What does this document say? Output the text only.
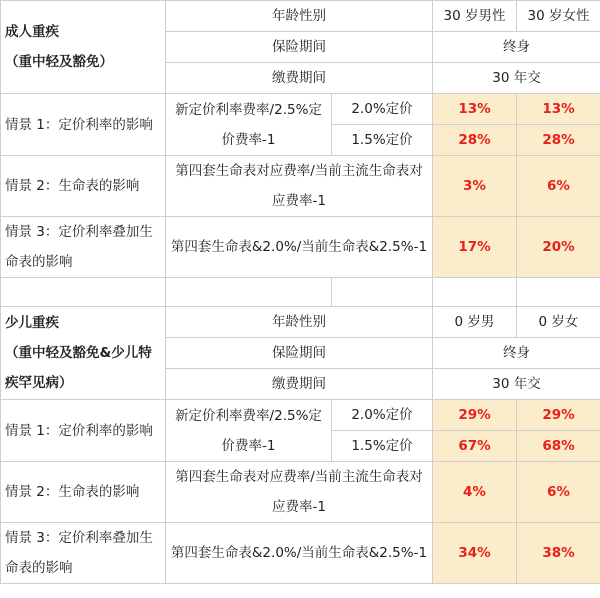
成人重疾
（重中轻及豁免）	年龄性别		30 岁男性	30 岁女性
	保险期间		终身	
	缴费期间		30 年交	
情景 1：定价利率的影响	新定价利率费率/2.5%定价费率-1	2.0%定价	13%	13%
		1.5%定价	28%	28%
情景 2：生命表的影响	第四套生命表对应费率/当前主流生命表对应费率-1		3%	6%
情景 3：定价利率叠加生命表的影响	第四套生命表&2.0%/当前生命表&2.5%-1		17%	20%

少儿重疾
（重中轻及豁免&少儿特疾罕见病）	年龄性别		0 岁男	0 岁女
	保险期间		终身	
	缴费期间		30 年交	
情景 1：定价利率的影响	新定价利率费率/2.5%定价费率-1	2.0%定价	29%	29%
		1.5%定价	67%	68%
情景 2：生命表的影响	第四套生命表对应费率/当前主流生命表对应费率-1		4%	6%
情景 3：定价利率叠加生命表的影响	第四套生命表&2.0%/当前生命表&2.5%-1		34%	38%
